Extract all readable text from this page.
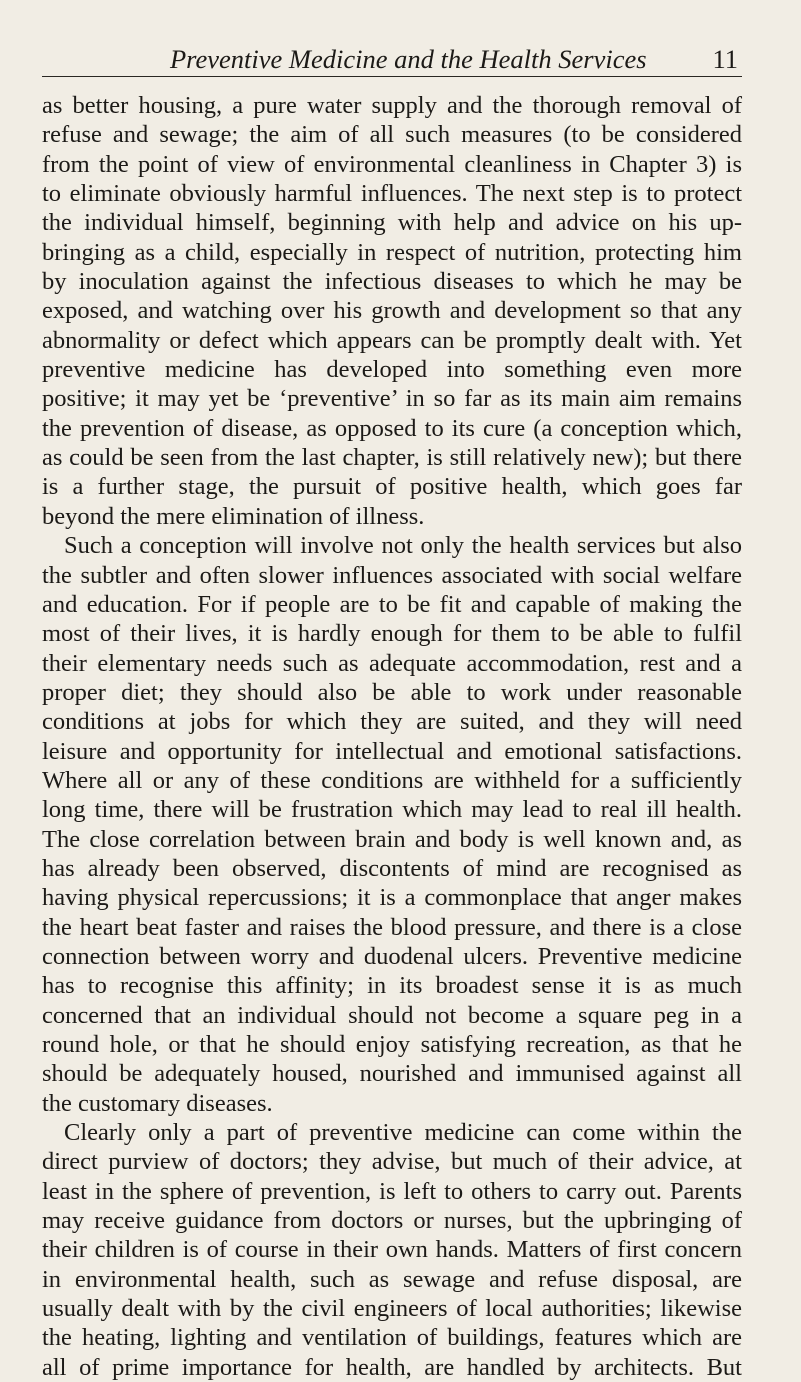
Preventive Medicine and the Health Services 11
as better housing, a pure water supply and the thorough removal of
refuse and sewage; the aim of all such measures (to be considered
from the point of view of environmental cleanliness in Chapter 3) is
to eliminate obviously harmful influences. The next step is to protect
the individual himself, beginning with help and advice on his up-
bringing as a child, especially in respect of nutrition, protecting him
by inoculation against the infectious diseases to which he may be
exposed, and watching over his growth and development so that any
abnormality or defect which appears can be promptly dealt with. Yet
preventive medicine has developed into something even more
positive; it may yet be ‘preventive’ in so far as its main aim remains
the prevention of disease, as opposed to its cure (a conception which,
as could be seen from the last chapter, is still relatively new); but there
is a further stage, the pursuit of positive health, which goes far
beyond the mere elimination of illness.
Such a conception will involve not only the health services but also
the subtler and often slower influences associated with social welfare
and education. For if people are to be fit and capable of making the
most of their lives, it is hardly enough for them to be able to fulfil
their elementary needs such as adequate accommodation, rest and a
proper diet; they should also be able to work under reasonable
conditions at jobs for which they are suited, and they will need
leisure and opportunity for intellectual and emotional satisfactions.
Where all or any of these conditions are withheld for a sufficiently
long time, there will be frustration which may lead to real ill health.
The close correlation between brain and body is well known and, as
has already been observed, discontents of mind are recognised as
having physical repercussions; it is a commonplace that anger makes
the heart beat faster and raises the blood pressure, and there is a close
connection between worry and duodenal ulcers. Preventive medicine
has to recognise this affinity; in its broadest sense it is as much
concerned that an individual should not become a square peg in a
round hole, or that he should enjoy satisfying recreation, as that he
should be adequately housed, nourished and immunised against all
the customary diseases.
Clearly only a part of preventive medicine can come within the
direct purview of doctors; they advise, but much of their advice, at
least in the sphere of prevention, is left to others to carry out. Parents
may receive guidance from doctors or nurses, but the upbringing of
their children is of course in their own hands. Matters of first concern
in environmental health, such as sewage and refuse disposal, are
usually dealt with by the civil engineers of local authorities; likewise
the heating, lighting and ventilation of buildings, features which are
all of prime importance for health, are handled by architects. But
